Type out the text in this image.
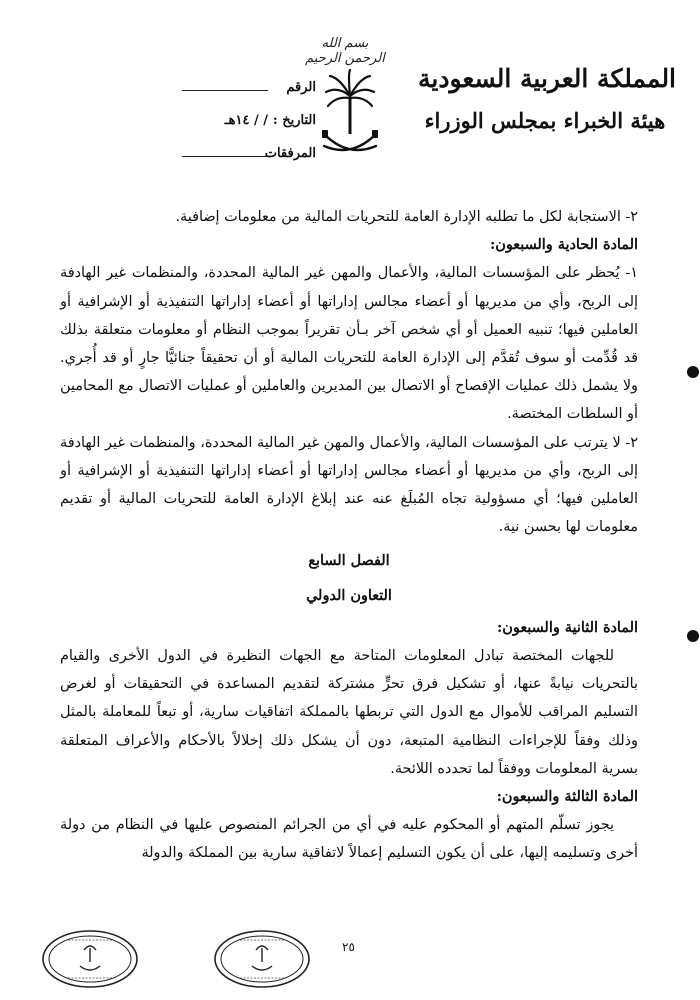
بسم الله الرحمن الرحيم
المملكة العربية السعودية
هيئة الخبراء بمجلس الوزراء
الرقم
التاريخ :/ / ١٤هـ
المرفقات

٢- الاستجابة لكل ما تطلبه الإدارة العامة للتحريات المالية من معلومات إضافية.

المادة الحادية والسبعون:

١- يُحظر على المؤسسات المالية، والأعمال والمهن غير المالية المحددة، والمنظمات غير الهادفة إلى الربح، وأي من مديريها أو أعضاء مجالس إداراتها أو أعضاء إداراتها التنفيذية أو الإشرافية أو العاملين فيها؛ تنبيه العميل أو أي شخص آخر بـأن تقريراً بموجب النظام أو معلومات متعلقة بذلك قد قُدِّمت أو سوف تُقدَّم إلى الإدارة العامة للتحريات المالية أو أن تحقيقاً جنائيًّا جارٍ أو قد أُجري. ولا يشمل ذلك عمليات الإفصاح أو الاتصال بين المديرين والعاملين أو عمليات الاتصال مع المحامين أو السلطات المختصة.

٢- لا يترتب على المؤسسات المالية، والأعمال والمهن غير المالية المحددة، والمنظمات غير الهادفة إلى الربح، وأي من مديريها أو أعضاء مجالس إداراتها أو أعضاء إداراتها التنفيذية أو الإشرافية أو العاملين فيها؛ أي مسؤولية تجاه المُبلَغ عنه عند إبلاغ الإدارة العامة للتحريات المالية أو تقديم معلومات لها بحسن نية.

الفصل السابع

التعاون الدولي

المادة الثانية والسبعون:

للجهات المختصة تبادل المعلومات المتاحة مع الجهات النظيرة في الدول الأخرى والقيام بالتحريات نيابةً عنها، أو تشكيل فرق تحرٍّ مشتركة لتقديم المساعدة في التحقيقات أو لغرض التسليم المراقب للأموال مع الدول التي تربطها بالمملكة اتفاقيات سارية، أو تبعاً للمعاملة بالمثل وذلك وفقاً للإجراءات النظامية المتبعة، دون أن يشكل ذلك إخلالاً بالأحكام والأعراف المتعلقة بسرية المعلومات ووفقاً لما تحدده اللائحة.

المادة الثالثة والسبعون:

يجوز تسلّم المتهم أو المحكوم عليه في أي من الجرائم المنصوص عليها في النظام من دولة أخرى وتسليمه إليها، على أن يكون التسليم إعمالاً لاتفاقية سارية بين المملكة والدولة

٢٥
